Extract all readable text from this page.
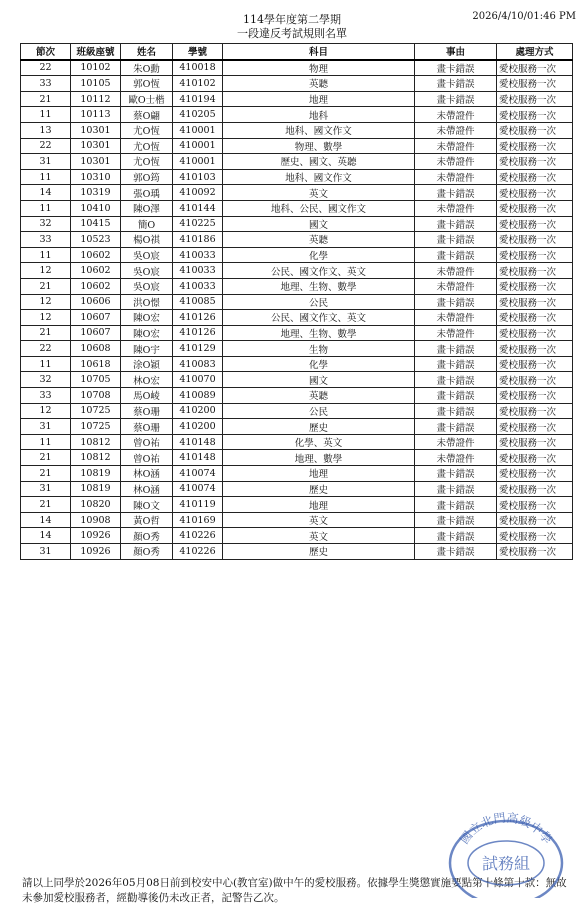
114學年度第二學期
一段違反考試規則名單
2026/4/10/01:46 PM
節次	班級座號	姓名	學號	科目	事由	處理方式
22	10102	朱O勳	410018	物理	畫卡錯誤	愛校服務一次
33	10105	郭O恆	410102	英聽	畫卡錯誤	愛校服務一次
21	10112	歐O士楷	410194	地理	畫卡錯誤	愛校服務一次
11	10113	蔡O翩	410205	地科	未帶證件	愛校服務一次
13	10301	尤O恆	410001	地科、國文作文	未帶證件	愛校服務一次
22	10301	尤O恆	410001	物理、數學	未帶證件	愛校服務一次
31	10301	尤O恆	410001	歷史、國文、英聽	未帶證件	愛校服務一次
11	10310	郭O筠	410103	地科、國文作文	未帶證件	愛校服務一次
14	10319	張O瑀	410092	英文	畫卡錯誤	愛校服務一次
11	10410	陳O澤	410144	地科、公民、國文作文	未帶證件	愛校服務一次
32	10415	簡O	410225	國文	畫卡錯誤	愛校服務一次
33	10523	楊O祺	410186	英聽	畫卡錯誤	愛校服務一次
11	10602	吳O宸	410033	化學	畫卡錯誤	愛校服務一次
12	10602	吳O宸	410033	公民、國文作文、英文	未帶證件	愛校服務一次
21	10602	吳O宸	410033	地理、生物、數學	未帶證件	愛校服務一次
12	10606	洪O憬	410085	公民	畫卡錯誤	愛校服務一次
12	10607	陳O宏	410126	公民、國文作文、英文	未帶證件	愛校服務一次
21	10607	陳O宏	410126	地理、生物、數學	未帶證件	愛校服務一次
22	10608	陳O宇	410129	生物	畫卡錯誤	愛校服務一次
11	10618	涂O穎	410083	化學	畫卡錯誤	愛校服務一次
32	10705	林O宏	410070	國文	畫卡錯誤	愛校服務一次
33	10708	馬O崚	410089	英聽	畫卡錯誤	愛校服務一次
12	10725	蔡O珊	410200	公民	畫卡錯誤	愛校服務一次
31	10725	蔡O珊	410200	歷史	畫卡錯誤	愛校服務一次
11	10812	曾O祐	410148	化學、英文	未帶證件	愛校服務一次
21	10812	曾O祐	410148	地理、數學	未帶證件	愛校服務一次
21	10819	林O涵	410074	地理	畫卡錯誤	愛校服務一次
31	10819	林O涵	410074	歷史	畫卡錯誤	愛校服務一次
21	10820	陳O文	410119	地理	畫卡錯誤	愛校服務一次
14	10908	黃O哲	410169	英文	畫卡錯誤	愛校服務一次
14	10926	顏O秀	410226	英文	畫卡錯誤	愛校服務一次
31	10926	顏O秀	410226	歷史	畫卡錯誤	愛校服務一次
請以上同學於2026年05月08日前到校安中心(教官室)做中午的愛校服務。依據學生獎懲實施要點第十條第十款：無故未參加愛校服務者，經勸導後仍未改正者，記警告乙次。
國立北門高級中學
試務組
